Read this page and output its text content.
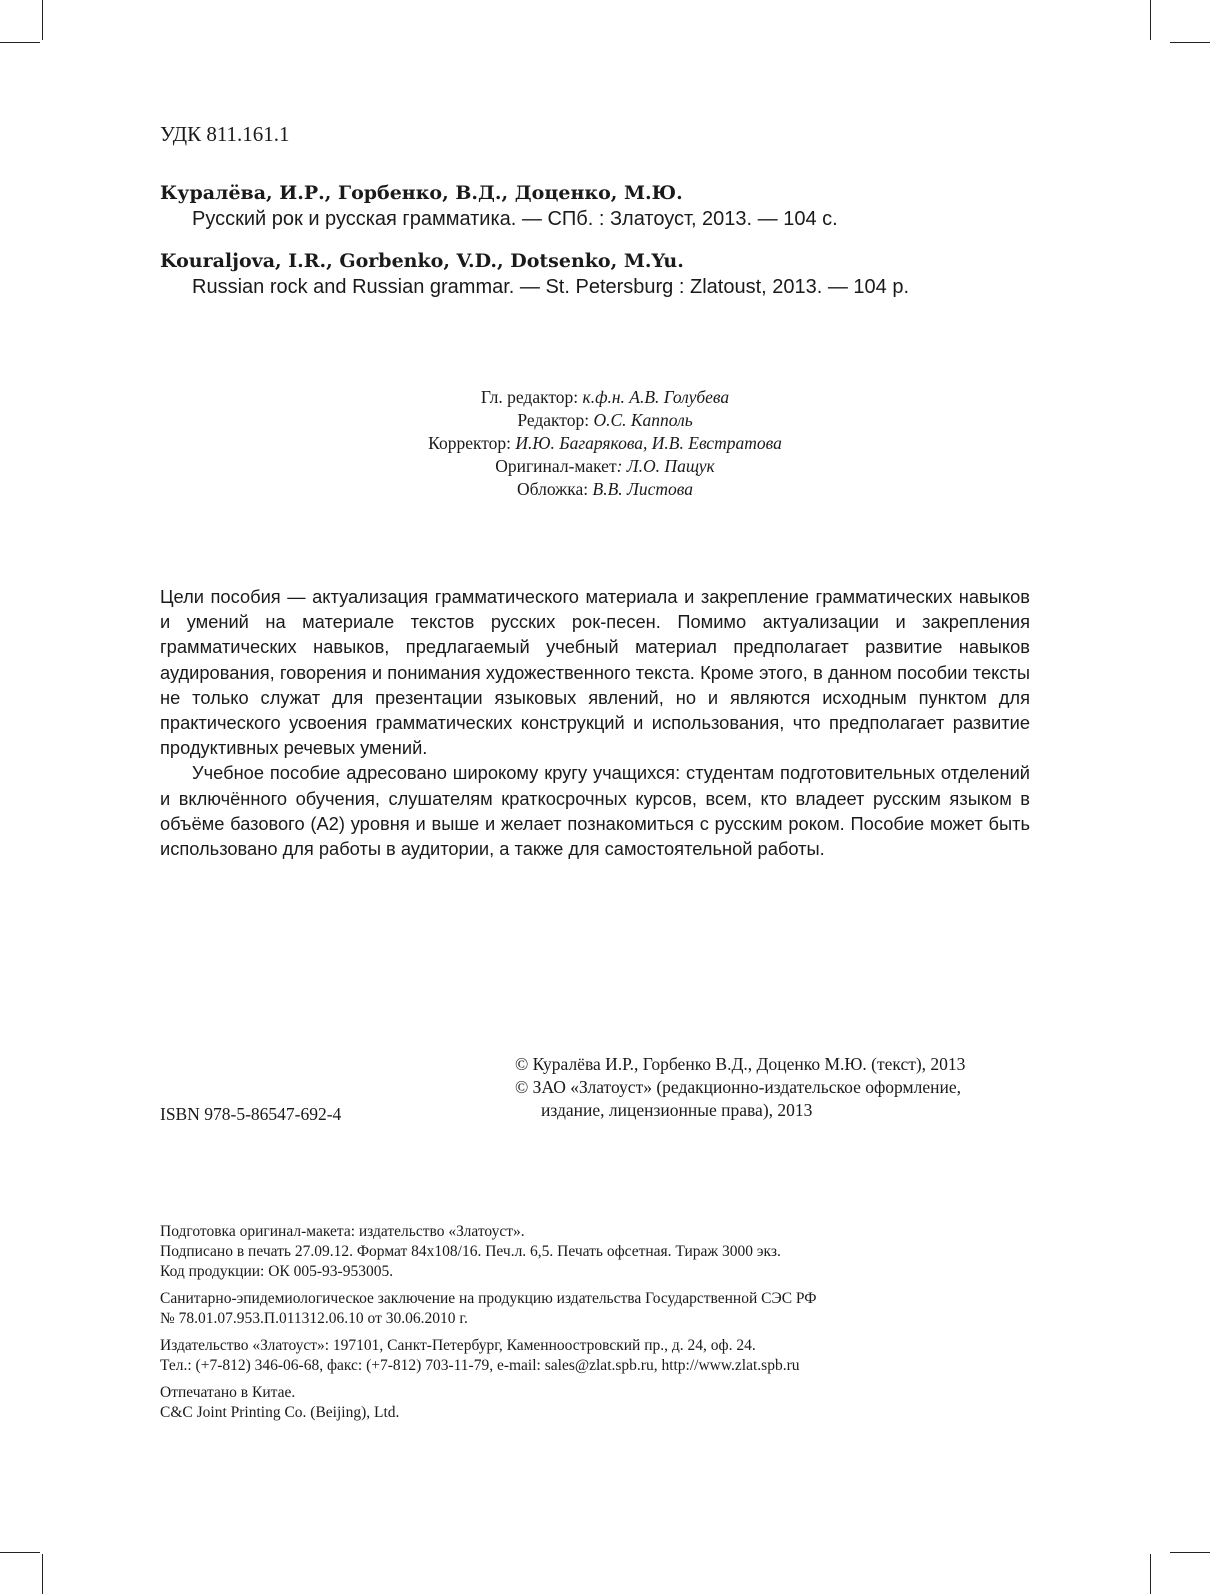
УДК 811.161.1
Куралёва, И.Р., Горбенко, В.Д., Доценко, М.Ю.
Русский рок и русская грамматика. — СПб. : Златоуст, 2013. — 104 с.
Kouraljova, I.R., Gorbenko, V.D., Dotsenko, M.Yu.
Russian rock and Russian grammar. — St. Petersburg : Zlatoust, 2013. — 104 p.
Гл. редактор: к.ф.н. А.В. Голубева
Редактор: О.С. Капполь
Корректор: И.Ю. Багарякова, И.В. Евстратова
Оригинал-макет: Л.О. Пащук
Обложка: В.В. Листова

Цели пособия — актуализация грамматического материала и закрепление грамматических навыков и умений на материале текстов русских рок-песен. Помимо актуализации и закрепления грамматических навыков, предлагаемый учебный материал предполагает развитие навыков аудирования, говорения и понимания художественного текста. Кроме этого, в данном пособии тексты не только служат для презентации языковых явлений, но и являются исходным пунктом для практического усвоения грамматических конструкций и использования, что предполагает развитие продуктивных речевых умений.

Учебное пособие адресовано широкому кругу учащихся: студентам подготовительных отделений и включённого обучения, слушателям краткосрочных курсов, всем, кто владеет русским языком в объёме базового (А2) уровня и выше и желает познакомиться с русским роком. Пособие может быть использовано для работы в аудитории, а также для самостоятельной работы.

© Куралёва И.Р., Горбенко В.Д., Доценко М.Ю. (текст), 2013
© ЗАО «Златоуст» (редакционно-издательское оформление,
издание, лицензионные права), 2013
ISBN 978-5-86547-692-4
Подготовка оригинал-макета: издательство «Златоуст».
Подписано в печать 27.09.12. Формат 84x108/16. Печ.л. 6,5. Печать офсетная. Тираж 3000 экз.
Код продукции: ОК 005-93-953005.
Санитарно-эпидемиологическое заключение на продукцию издательства Государственной СЭС РФ
№ 78.01.07.953.П.011312.06.10 от 30.06.2010 г.
Издательство «Златоуст»: 197101, Санкт-Петербург, Каменноостровский пр., д. 24, оф. 24.
Тел.: (+7-812) 346-06-68, факс: (+7-812) 703-11-79, e-mail: sales@zlat.spb.ru, http://www.zlat.spb.ru
Отпечатано в Китае.
C&C Joint Printing Co. (Beijing), Ltd.
